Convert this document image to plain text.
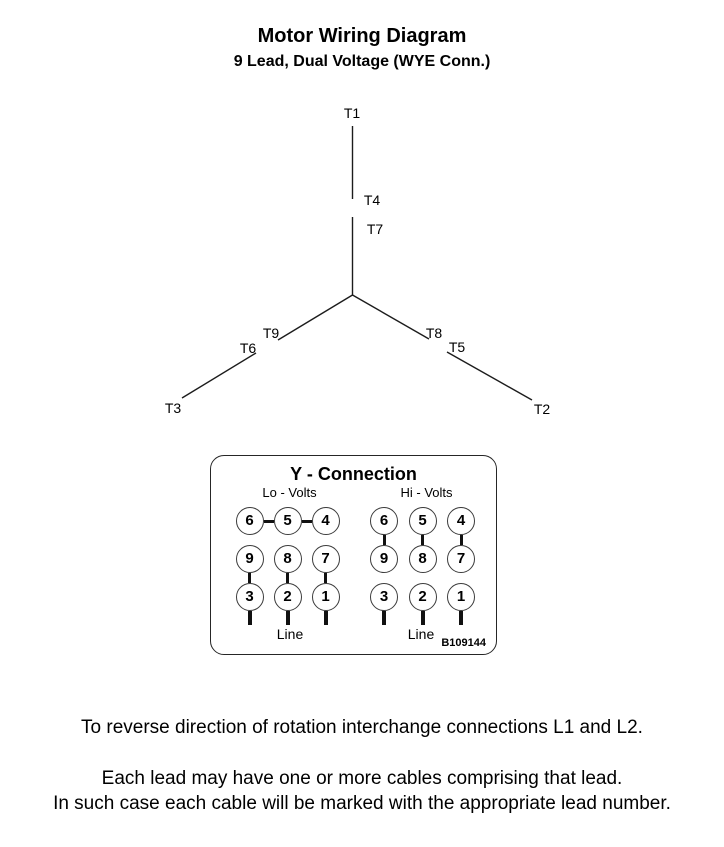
Motor Wiring Diagram
9 Lead, Dual Voltage (WYE Conn.)
T1
T4
T7
T9
T6
T8
T5
T3	T2
Y - Connection
Lo - Volts	Hi - Volts
6	5	4
9	8	7
3	2	1
6	5	4
9	8	7
3	2	1
Line	Line
B109144
To reverse direction of rotation interchange connections L1 and L2.
Each lead may have one or more cables comprising that lead.
In such case each cable will be marked with the appropriate lead number.
